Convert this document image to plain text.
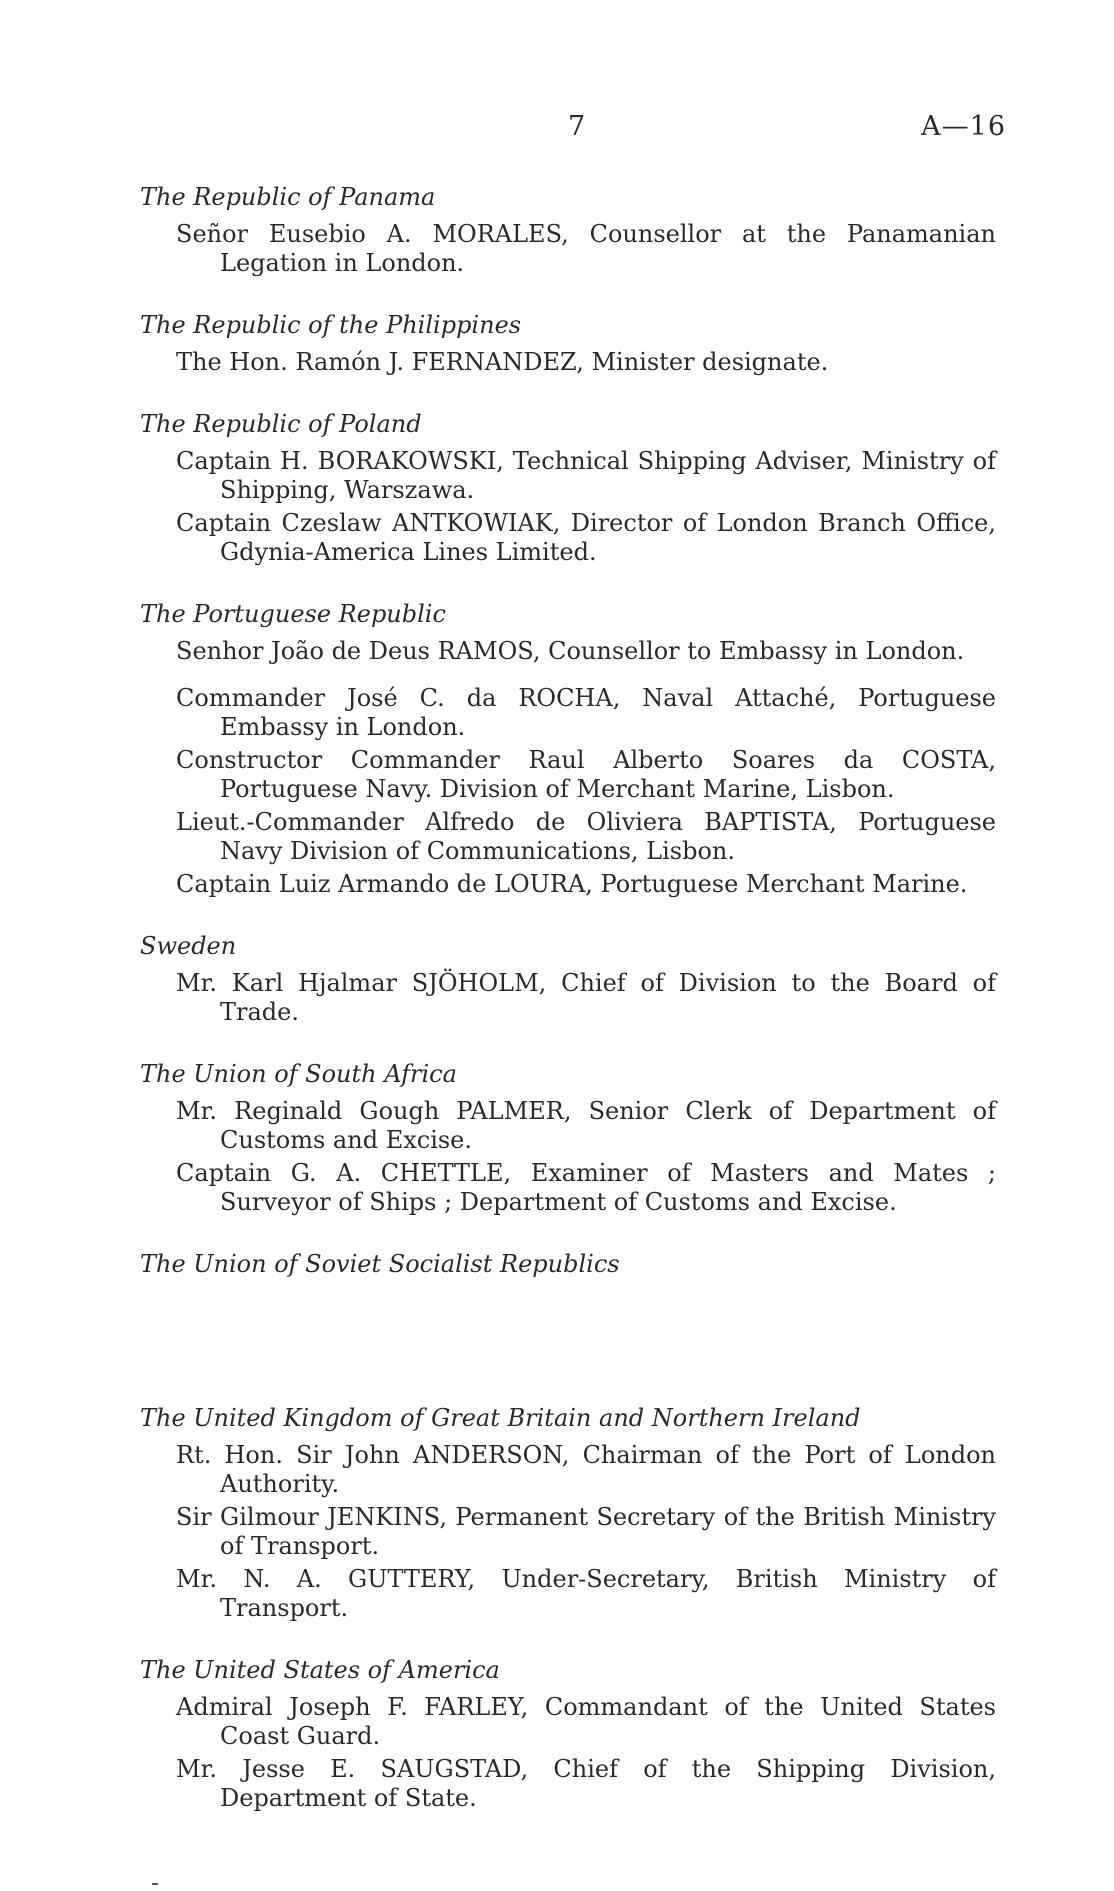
7	A—16
The Republic of Panama
Señor Eusebio A. MORALES, Counsellor at the Panamanian Legation in London.
The Republic of the Philippines
The Hon. Ramón J. FERNANDEZ, Minister designate.
The Republic of Poland
Captain H. BORAKOWSKI, Technical Shipping Adviser, Ministry of Shipping, Warszawa.
Captain Czeslaw ANTKOWIAK, Director of London Branch Office, Gdynia-America Lines Limited.
The Portuguese Republic
Senhor João de Deus RAMOS, Counsellor to Embassy in London.
Commander José C. da ROCHA, Naval Attaché, Portuguese Embassy in London.
Constructor Commander Raul Alberto Soares da COSTA, Portuguese Navy. Division of Merchant Marine, Lisbon.
Lieut.-Commander Alfredo de Oliviera BAPTISTA, Portuguese Navy Division of Communications, Lisbon.
Captain Luiz Armando de LOURA, Portuguese Merchant Marine.
Sweden
Mr. Karl Hjalmar SJÖHOLM, Chief of Division to the Board of Trade.
The Union of South Africa
Mr. Reginald Gough PALMER, Senior Clerk of Department of Customs and Excise.
Captain G. A. CHETTLE, Examiner of Masters and Mates ; Surveyor of Ships ; Department of Customs and Excise.
The Union of Soviet Socialist Republics
The United Kingdom of Great Britain and Northern Ireland
Rt. Hon. Sir John ANDERSON, Chairman of the Port of London Authority.
Sir Gilmour JENKINS, Permanent Secretary of the British Ministry of Transport.
Mr. N. A. GUTTERY, Under-Secretary, British Ministry of Transport.
The United States of America
Admiral Joseph F. FARLEY, Commandant of the United States Coast Guard.
Mr. Jesse E. SAUGSTAD, Chief of the Shipping Division, Department of State.
